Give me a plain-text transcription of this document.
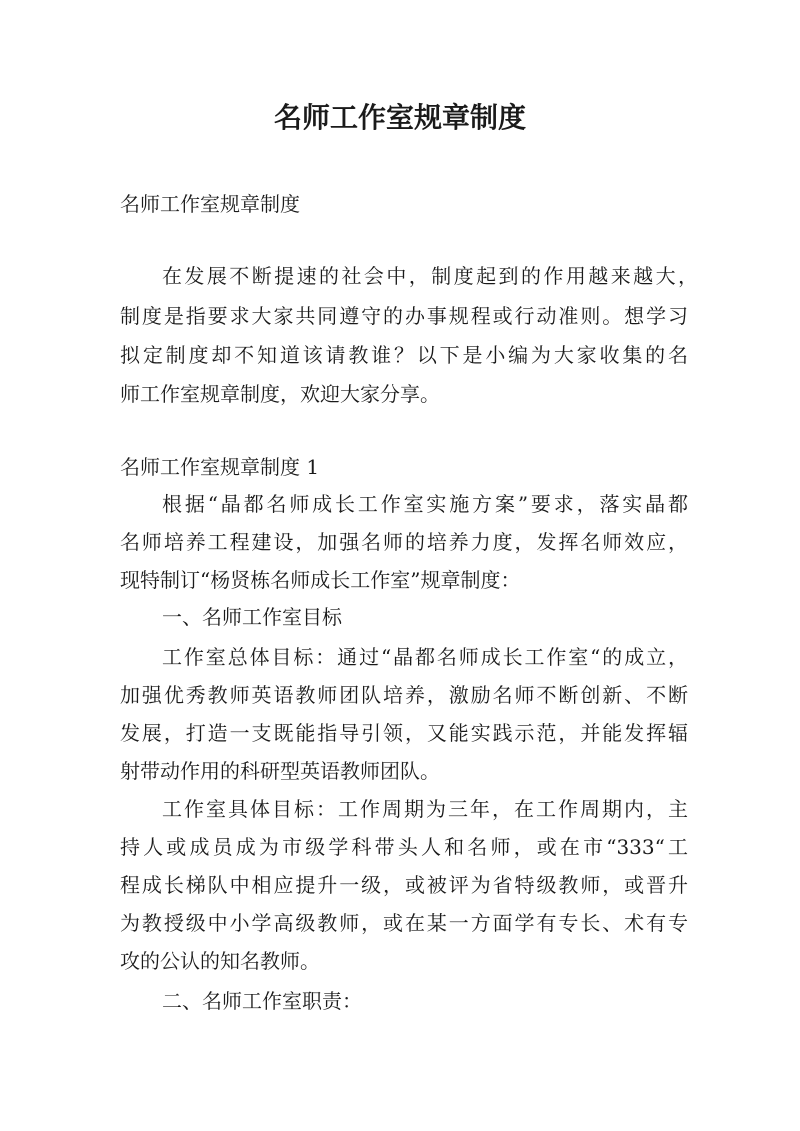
名师工作室规章制度

名师工作室规章制度

在发展不断提速的社会中，制度起到的作用越来越大，

制度是指要求大家共同遵守的办事规程或行动准则。想学习

拟定制度却不知道该请教谁？以下是小编为大家收集的名

师工作室规章制度，欢迎大家分享。

名师工作室规章制度 1

根据“晶都名师成长工作室实施方案”要求，落实晶都

名师培养工程建设，加强名师的培养力度，发挥名师效应，

现特制订“杨贤栋名师成长工作室”规章制度：

一、名师工作室目标

工作室总体目标：通过“晶都名师成长工作室“的成立，

加强优秀教师英语教师团队培养，激励名师不断创新、不断

发展，打造一支既能指导引领，又能实践示范，并能发挥辐

射带动作用的科研型英语教师团队。

工作室具体目标：工作周期为三年，在工作周期内，主

持人或成员成为市级学科带头人和名师，或在市“333“工

程成长梯队中相应提升一级，或被评为省特级教师，或晋升

为教授级中小学高级教师，或在某一方面学有专长、术有专

攻的公认的知名教师。

二、名师工作室职责：
